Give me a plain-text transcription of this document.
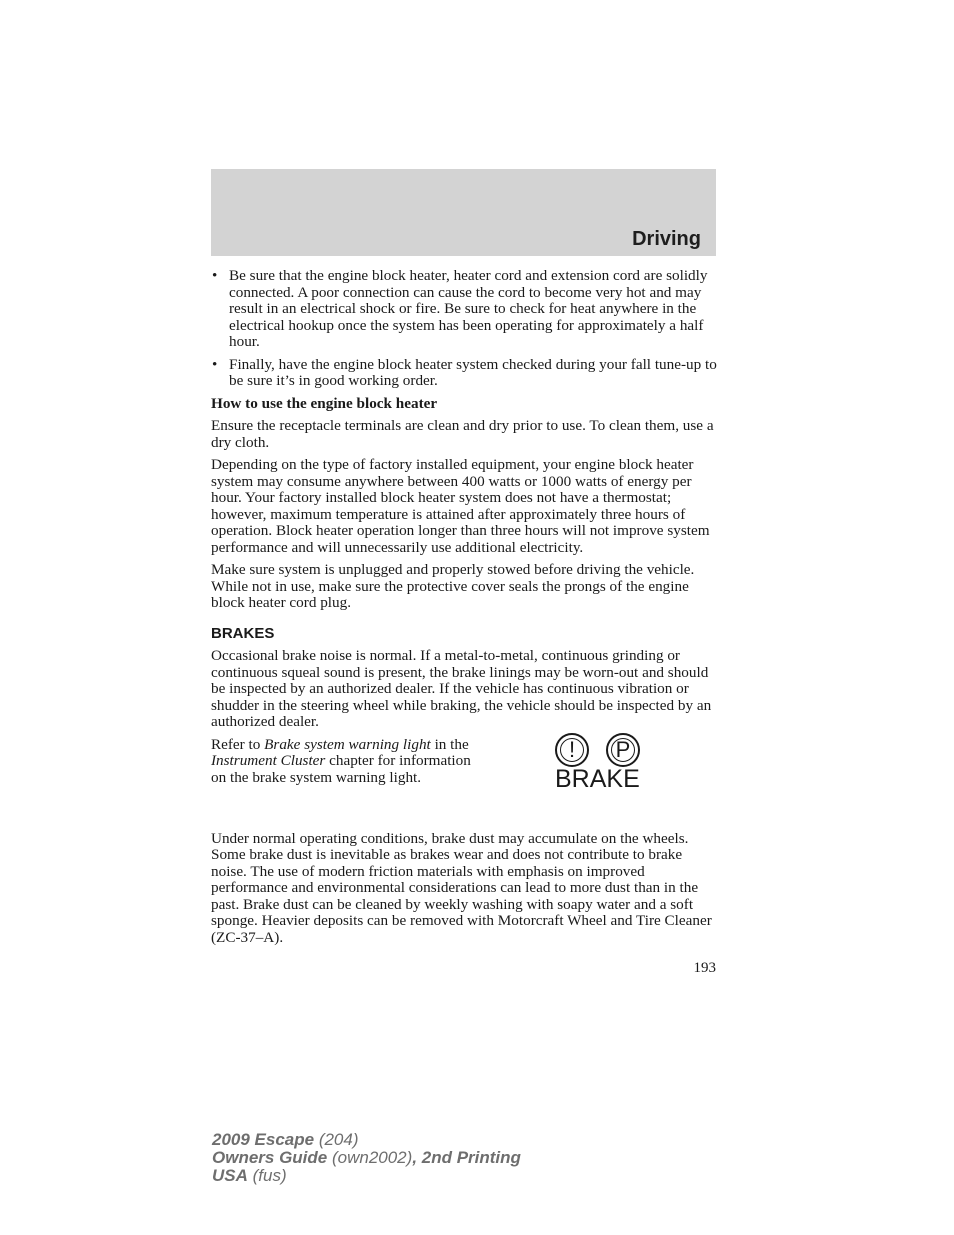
Driving
• Be sure that the engine block heater, heater cord and extension cord are solidly connected. A poor connection can cause the cord to become very hot and may result in an electrical shock or fire. Be sure to check for heat anywhere in the electrical hookup once the system has been operating for approximately a half hour.
• Finally, have the engine block heater system checked during your fall tune-up to be sure it’s in good working order.
How to use the engine block heater

Ensure the receptacle terminals are clean and dry prior to use. To clean them, use a dry cloth.

Depending on the type of factory installed equipment, your engine block heater system may consume anywhere between 400 watts or 1000 watts of energy per hour. Your factory installed block heater system does not have a thermostat; however, maximum temperature is attained after approximately three hours of operation. Block heater operation longer than three hours will not improve system performance and will unnecessarily use additional electricity.

Make sure system is unplugged and properly stowed before driving the vehicle. While not in use, make sure the protective cover seals the prongs of the engine block heater cord plug.

BRAKES

Occasional brake noise is normal. If a metal-to-metal, continuous grinding or continuous squeal sound is present, the brake linings may be worn-out and should be inspected by an authorized dealer. If the vehicle has continuous vibration or shudder in the steering wheel while braking, the vehicle should be inspected by an authorized dealer.

Refer to Brake system warning light in the Instrument Cluster chapter for information on the brake system warning light.
! P
BRAKE

Under normal operating conditions, brake dust may accumulate on the wheels. Some brake dust is inevitable as brakes wear and does not contribute to brake noise. The use of modern friction materials with emphasis on improved performance and environmental considerations can lead to more dust than in the past. Brake dust can be cleaned by weekly washing with soapy water and a soft sponge. Heavier deposits can be removed with Motorcraft Wheel and Tire Cleaner (ZC-37–A).

193
2009 Escape (204)
Owners Guide (own2002), 2nd Printing
USA (fus)
